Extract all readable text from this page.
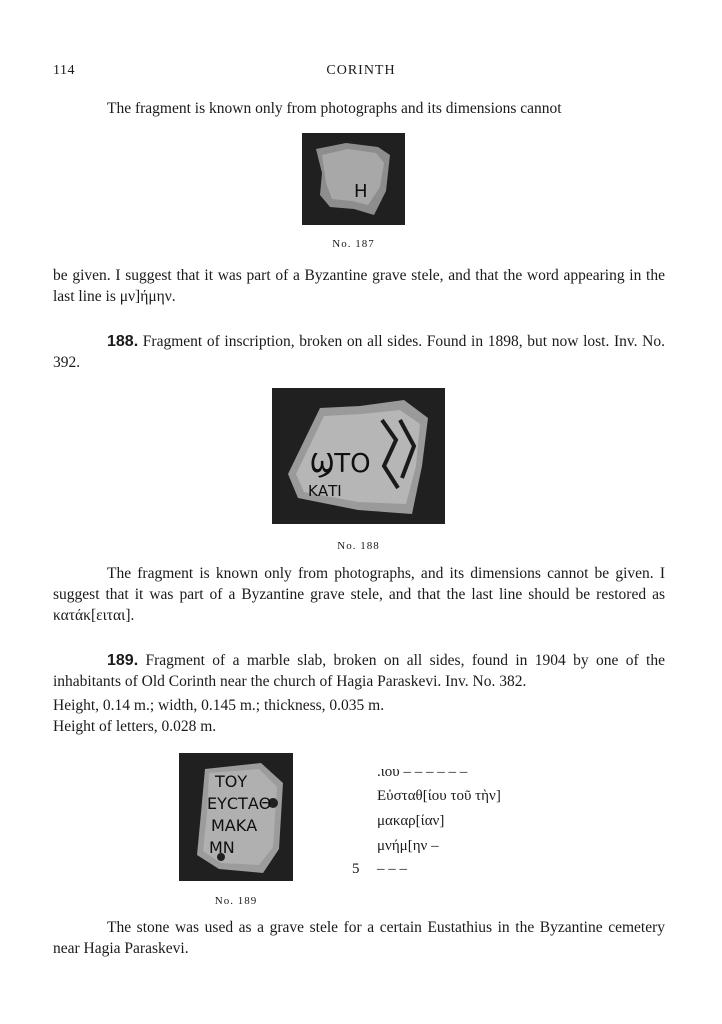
114	CORINTH
The fragment is known only from photographs and its dimensions cannot
Η
No. 187
be given. I suggest that it was part of a Byzantine grave stele, and that the word appearing in the last line is μν]ήμην.
188. Fragment of inscription, broken on all sides. Found in 1898, but now lost. Inv. No. 392.
ϢΤΟ
ΚΑΤΙ
No. 188
The fragment is known only from photographs, and its dimensions cannot be given. I suggest that it was part of a Byzantine grave stele, and that the last line should be restored as κατάκ[ειται].
189. Fragment of a marble slab, broken on all sides, found in 1904 by one of the inhabitants of Old Corinth near the church of Hagia Paraskevi. Inv. No. 382.
Height, 0.14 m.; width, 0.145 m.; thickness, 0.035 m.
Height of letters, 0.028 m.
ΤΟΥ
ΕΥϹΤΑΘ
ΜΑΚΑ
ΜΝ
No. 189
.ιου – – – – – –
Εὐσταθ[ίου τοῦ τὴν]
μακαρ[ίαν]
μνήμ[ην –
5 – – –
The stone was used as a grave stele for a certain Eustathius in the Byzantine cemetery near Hagia Paraskevi.
